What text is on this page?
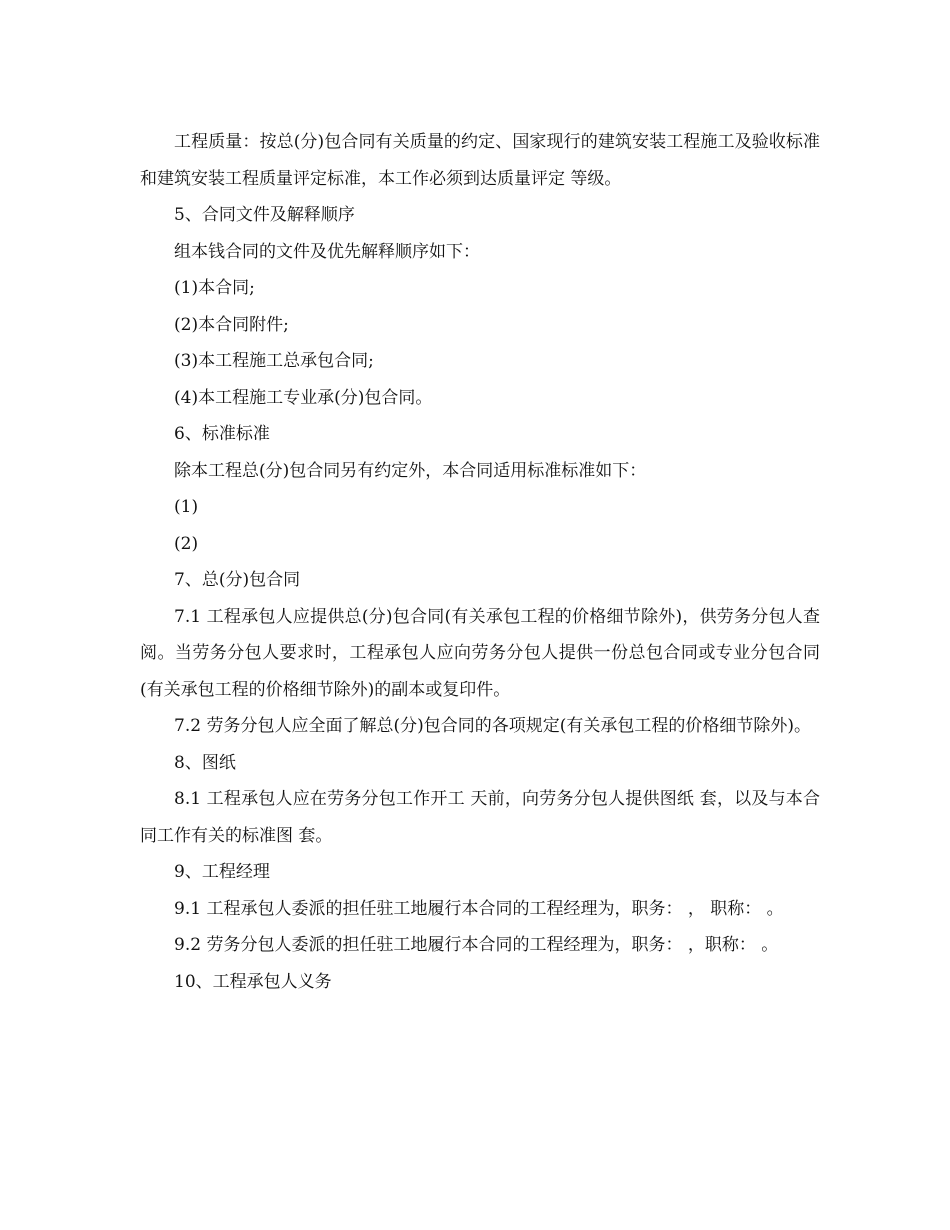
工程质量：按总(分)包合同有关质量的约定、国家现行的建筑安装工程施工及验收标准和建筑安装工程质量评定标准，本工作必须到达质量评定 等级。

5、合同文件及解释顺序

组本钱合同的文件及优先解释顺序如下：

(1)本合同;

(2)本合同附件;

(3)本工程施工总承包合同;

(4)本工程施工专业承(分)包合同。

6、标准标准

除本工程总(分)包合同另有约定外，本合同适用标准标准如下：

(1)

(2)

7、总(分)包合同

7.1 工程承包人应提供总(分)包合同(有关承包工程的价格细节除外)，供劳务分包人查阅。当劳务分包人要求时，工程承包人应向劳务分包人提供一份总包合同或专业分包合同(有关承包工程的价格细节除外)的副本或复印件。

7.2 劳务分包人应全面了解总(分)包合同的各项规定(有关承包工程的价格细节除外)。

8、图纸

8.1 工程承包人应在劳务分包工作开工 天前，向劳务分包人提供图纸 套，以及与本合同工作有关的标准图 套。

9、工程经理

9.1 工程承包人委派的担任驻工地履行本合同的工程经理为，职务： ， 职称： 。

9.2 劳务分包人委派的担任驻工地履行本合同的工程经理为，职务： ，职称： 。

10、工程承包人义务
